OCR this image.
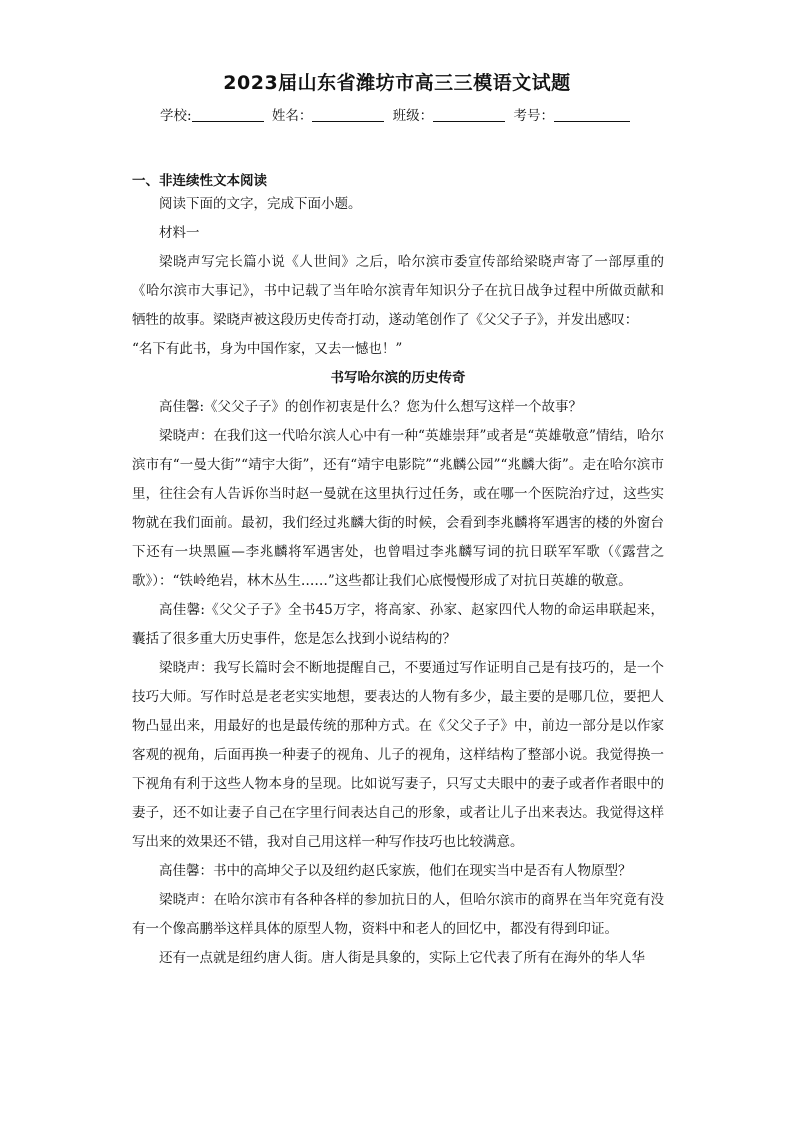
2023届山东省潍坊市高三三模语文试题
学校:	姓名：	班级：	考号：
一、非连续性文本阅读

阅读下面的文字，完成下面小题。

材料一

梁晓声写完长篇小说《人世间》之后，哈尔滨市委宣传部给梁晓声寄了一部厚重的《哈尔滨市大事记》，书中记载了当年哈尔滨青年知识分子在抗日战争过程中所做贡献和牺牲的故事。梁晓声被这段历史传奇打动，遂动笔创作了《父父子子》，并发出感叹：

“名下有此书，身为中国作家，又去一憾也！”

书写哈尔滨的历史传奇

高佳馨:《父父子子》的创作初衷是什么？您为什么想写这样一个故事？

梁晓声：在我们这一代哈尔滨人心中有一种“英雄崇拜”或者是“英雄敬意”情结，哈尔滨市有“一曼大街”“靖宇大街”，还有“靖宇电影院”“兆麟公园”“兆麟大街”。走在哈尔滨市里，往往会有人告诉你当时赵一曼就在这里执行过任务，或在哪一个医院治疗过，这些实物就在我们面前。最初，我们经过兆麟大街的时候，会看到李兆麟将军遇害的楼的外窗台下还有一块黑匾—李兆麟将军遇害处，也曾唱过李兆麟写词的抗日联军军歌（《露营之歌》）：“铁岭绝岩，林木丛生……”这些都让我们心底慢慢形成了对抗日英雄的敬意。

高佳馨:《父父子子》全书45万字，将高家、孙家、赵家四代人物的命运串联起来，囊括了很多重大历史事件，您是怎么找到小说结构的？

梁晓声：我写长篇时会不断地提醒自己，不要通过写作证明自己是有技巧的，是一个技巧大师。写作时总是老老实实地想，要表达的人物有多少，最主要的是哪几位，要把人物凸显出来，用最好的也是最传统的那种方式。在《父父子子》中，前边一部分是以作家客观的视角，后面再换一种妻子的视角、儿子的视角，这样结构了整部小说。我觉得换一下视角有利于这些人物本身的呈现。比如说写妻子，只写丈夫眼中的妻子或者作者眼中的妻子，还不如让妻子自己在字里行间表达自己的形象，或者让儿子出来表达。我觉得这样写出来的效果还不错，我对自己用这样一种写作技巧也比较满意。

高佳馨：书中的高坤父子以及纽约赵氏家族，他们在现实当中是否有人物原型？

梁晓声：在哈尔滨市有各种各样的参加抗日的人，但哈尔滨市的商界在当年究竟有没有一个像高鹏举这样具体的原型人物，资料中和老人的回忆中，都没有得到印证。

还有一点就是纽约唐人街。唐人街是具象的，实际上它代表了所有在海外的华人华
